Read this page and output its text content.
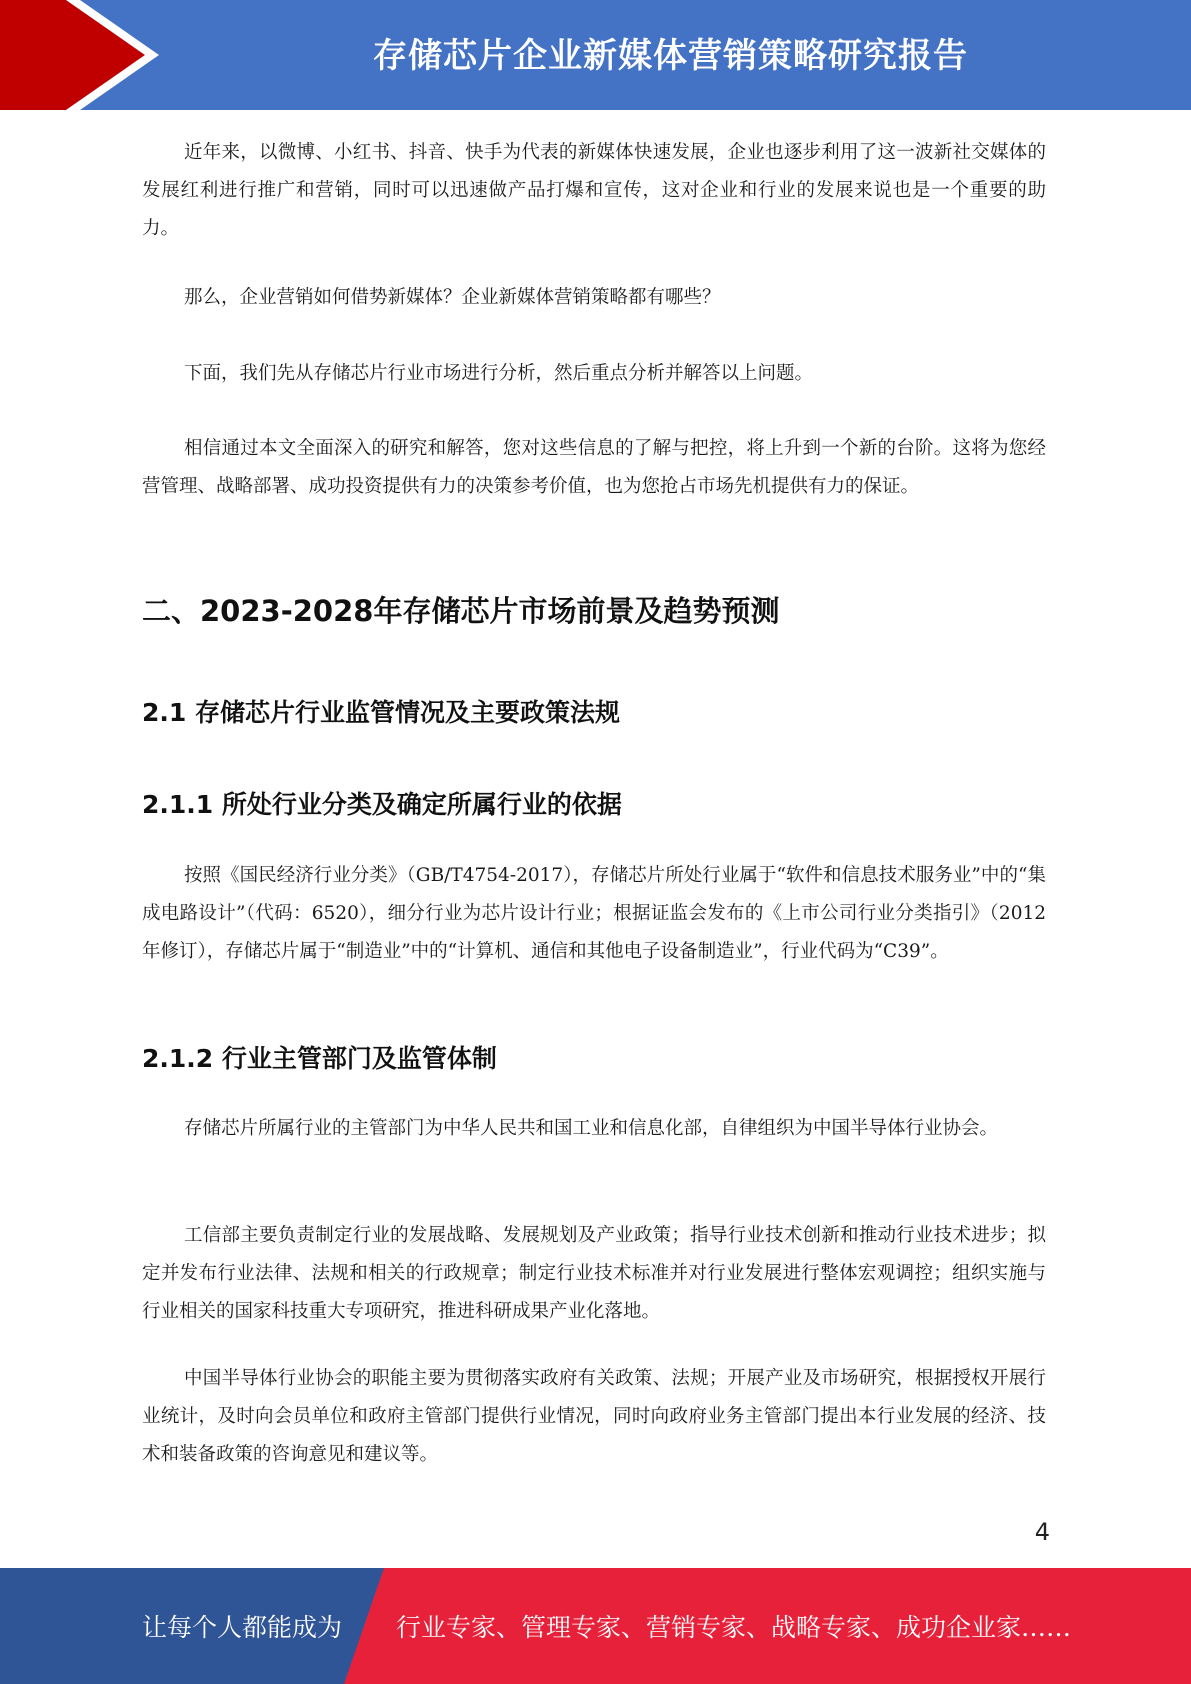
存储芯片企业新媒体营销策略研究报告

近年来，以微博、小红书、抖音、快手为代表的新媒体快速发展，企业也逐步利用了这一波新社交媒体的发展红利进行推广和营销，同时可以迅速做产品打爆和宣传，这对企业和行业的发展来说也是一个重要的助力。

那么，企业营销如何借势新媒体？企业新媒体营销策略都有哪些？

下面，我们先从存储芯片行业市场进行分析，然后重点分析并解答以上问题。

相信通过本文全面深入的研究和解答，您对这些信息的了解与把控，将上升到一个新的台阶。这将为您经营管理、战略部署、成功投资提供有力的决策参考价值，也为您抢占市场先机提供有力的保证。

二、2023-2028年存储芯片市场前景及趋势预测
2.1 存储芯片行业监管情况及主要政策法规
2.1.1 所处行业分类及确定所属行业的依据

按照《国民经济行业分类》（GB/T4754-2017），存储芯片所处行业属于“软件和信息技术服务业”中的“集成电路设计”（代码：6520），细分行业为芯片设计行业；根据证监会发布的《上市公司行业分类指引》（2012年修订），存储芯片属于“制造业”中的“计算机、通信和其他电子设备制造业”，行业代码为“C39”。

2.1.2 行业主管部门及监管体制

存储芯片所属行业的主管部门为中华人民共和国工业和信息化部，自律组织为中国半导体行业协会。

工信部主要负责制定行业的发展战略、发展规划及产业政策；指导行业技术创新和推动行业技术进步；拟定并发布行业法律、法规和相关的行政规章；制定行业技术标准并对行业发展进行整体宏观调控；组织实施与行业相关的国家科技重大专项研究，推进科研成果产业化落地。

中国半导体行业协会的职能主要为贯彻落实政府有关政策、法规；开展产业及市场研究，根据授权开展行业统计，及时向会员单位和政府主管部门提供行业情况，同时向政府业务主管部门提出本行业发展的经济、技术和装备政策的咨询意见和建议等。

4
让每个人都能成为 行业专家、管理专家、营销专家、战略专家、成功企业家……
